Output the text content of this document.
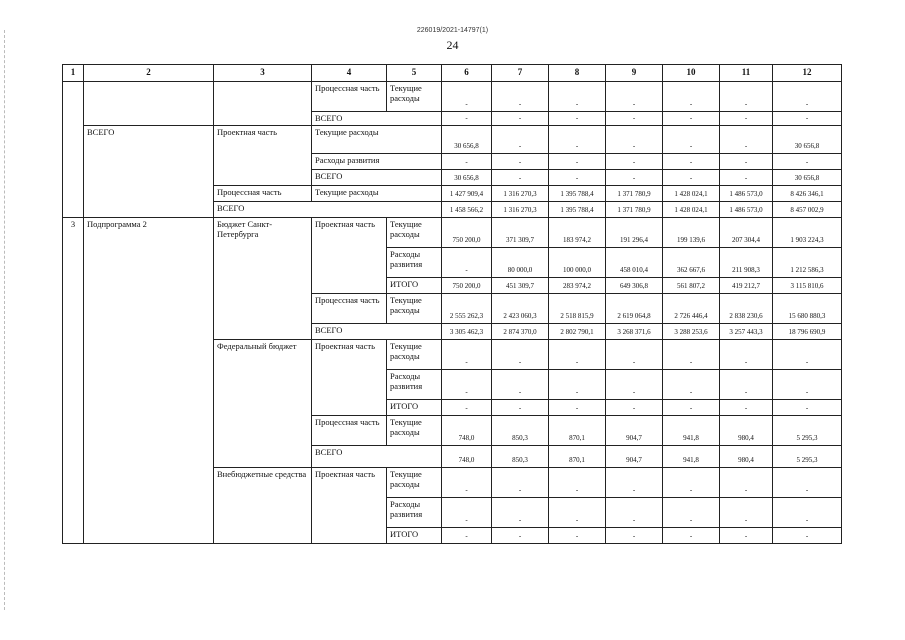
226019/2021-14797(1)
24
1	2	3	4	5	6	7	8	9	10	11	12
			Процессная часть	Текущие расходы	-	-	-	-	-	-	-
			ВСЕГО		-	-	-	-	-	-	-
	ВСЕГО	Проектная часть	Текущие расходы		30 656,8	-	-	-	-	-	30 656,8
			Расходы развития		-	-	-	-	-	-	-
			ВСЕГО		30 656,8	-	-	-	-	-	30 656,8
		Процессная часть	Текущие расходы		1 427 909,4	1 316 270,3	1 395 788,4	1 371 780,9	1 428 024,1	1 486 573,0	8 426 346,1
		ВСЕГО			1 458 566,2	1 316 270,3	1 395 788,4	1 371 780,9	1 428 024,1	1 486 573,0	8 457 002,9
3	Подпрограмма 2	Бюджет Санкт-Петербурга	Проектная часть	Текущие расходы	750 200,0	371 309,7	183 974,2	191 296,4	199 139,6	207 304,4	1 903 224,3
				Расходы развития	-	80 000,0	100 000,0	458 010,4	362 667,6	211 908,3	1 212 586,3
				ИТОГО	750 200,0	451 309,7	283 974,2	649 306,8	561 807,2	419 212,7	3 115 810,6
			Процессная часть	Текущие расходы	2 555 262,3	2 423 060,3	2 518 815,9	2 619 064,8	2 726 446,4	2 838 230,6	15 680 880,3
			ВСЕГО		3 305 462,3	2 874 370,0	2 802 790,1	3 268 371,6	3 288 253,6	3 257 443,3	18 796 690,9
		Федеральный бюджет	Проектная часть	Текущие расходы	-	-	-	-	-	-	-
				Расходы развития	-	-	-	-	-	-	-
				ИТОГО	-	-	-	-	-	-	-
			Процессная часть	Текущие расходы	748,0	850,3	870,1	904,7	941,8	980,4	5 295,3
			ВСЕГО		748,0	850,3	870,1	904,7	941,8	980,4	5 295,3
		Внебюджетные средства	Проектная часть	Текущие расходы	-	-	-	-	-	-	-
				Расходы развития	-	-	-	-	-	-	-
				ИТОГО	-	-	-	-	-	-	-
